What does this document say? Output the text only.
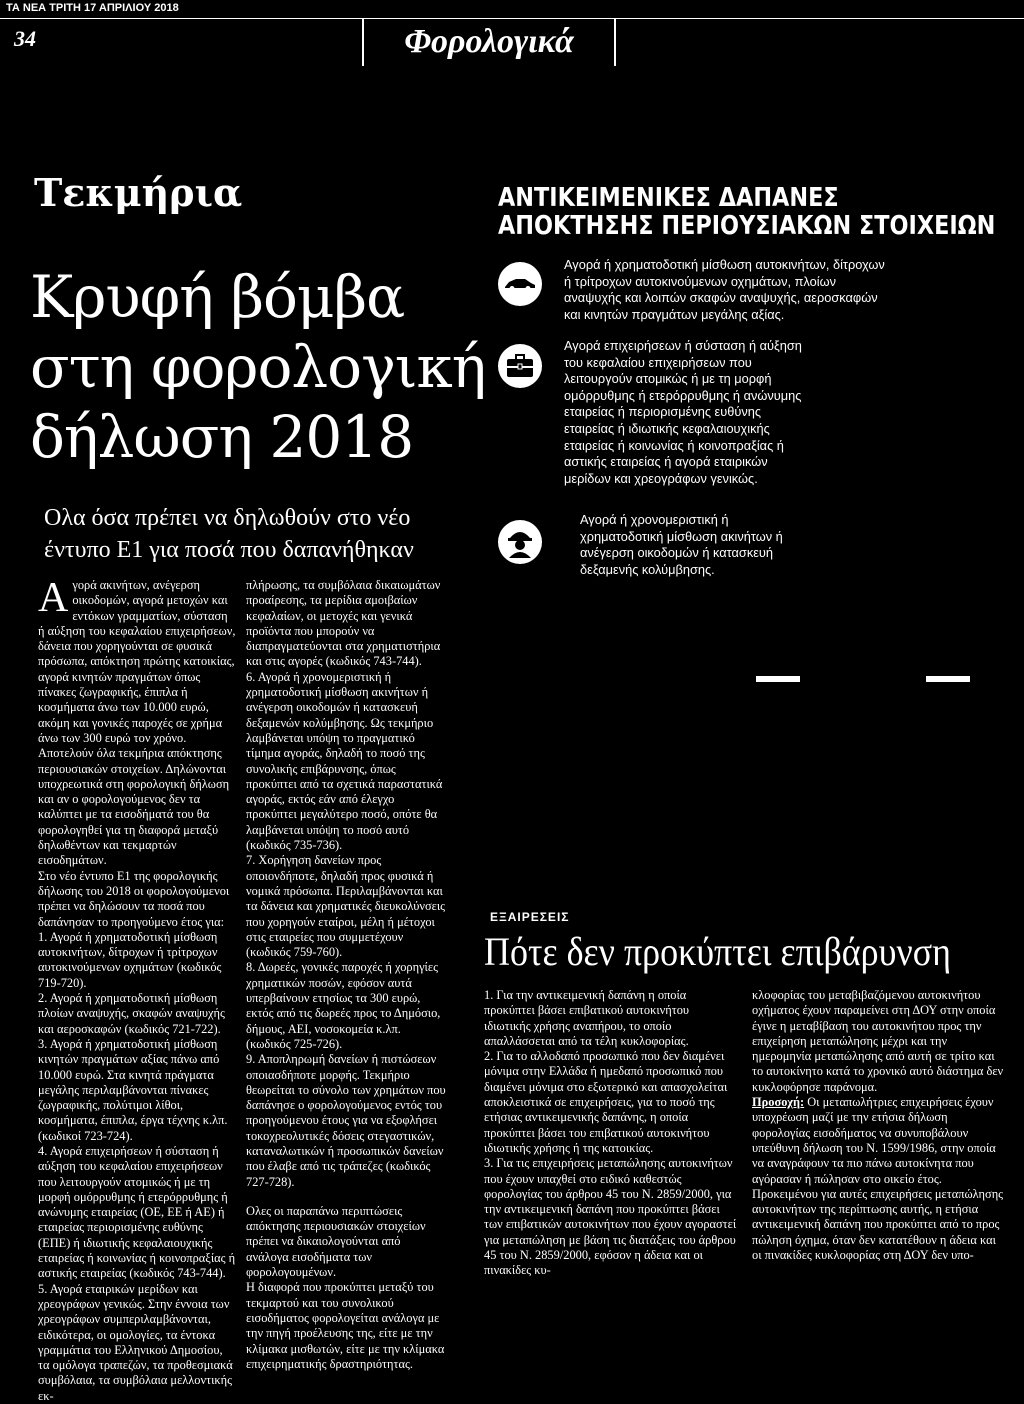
ΤΑ ΝΕΑ ΤΡΙΤΗ 17 ΑΠΡΙΛΙΟΥ 2018
34	Φορολογικά
Τεκμήρια
Κρυφή βόμβα
στη φορολογική
δήλωση 2018
Ολα όσα πρέπει να δηλωθούν στο νέο έντυπο Ε1 για ποσά που δαπανήθηκαν

Αγορά ακινήτων, ανέγερση οικοδομών, αγορά μετοχών και εντόκων γραμματίων, σύσταση ή αύξηση του κεφαλαίου επιχειρήσεων, δάνεια που χορηγούνται σε φυσικά πρόσωπα, απόκτηση πρώτης κατοικίας, αγορά κινητών πραγμάτων όπως πίνακες ζωγραφικής, έπιπλα ή κοσμήματα άνω των 10.000 ευρώ, ακόμη και γονικές παροχές σε χρήμα άνω των 300 ευρώ τον χρόνο. Αποτελούν όλα τεκμήρια απόκτησης περιουσιακών στοιχείων. Δηλώνονται υποχρεωτικά στη φορολογική δήλωση και αν ο φορολογούμενος δεν τα καλύπτει με τα εισοδήματά του θα φορολογηθεί για τη διαφορά μεταξύ δηλωθέντων και τεκμαρτών εισοδημάτων.

Στο νέο έντυπο Ε1 της φορολογικής δήλωσης του 2018 οι φορολογούμενοι πρέπει να δηλώσουν τα ποσά που δαπάνησαν το προηγούμενο έτος για:

1. Αγορά ή χρηματοδοτική μίσθωση αυτοκινήτων, δίτροχων ή τρίτροχων αυτοκινούμενων οχημάτων (κωδικός 719-720).

2. Αγορά ή χρηματοδοτική μίσθωση πλοίων αναψυχής, σκαφών αναψυχής και αεροσκαφών (κωδικός 721-722).

3. Αγορά ή χρηματοδοτική μίσθωση κινητών πραγμάτων αξίας πάνω από 10.000 ευρώ. Στα κινητά πράγματα μεγάλης περιλαμβάνονται πίνακες ζωγραφικής, πολύτιμοι λίθοι, κοσμήματα, έπιπλα, έργα τέχνης κ.λπ. (κωδικοί 723-724).

4. Αγορά επιχειρήσεων ή σύσταση ή αύξηση του κεφαλαίου επιχειρήσεων που λειτουργούν ατομικώς ή με τη μορφή ομόρρυθμης ή ετερόρρυθμης ή ανώνυμης εταιρείας (ΟΕ, ΕΕ ή ΑΕ) ή εταιρείας περιορισμένης ευθύνης (ΕΠΕ) ή ιδιωτικής κεφαλαιουχικής εταιρείας ή κοινωνίας ή κοινοπραξίας ή αστικής εταιρείας (κωδικός 743-744).

5. Αγορά εταιρικών μερίδων και χρεογράφων γενικώς. Στην έννοια των χρεογράφων συμπεριλαμβάνονται, ειδικότερα, οι ομολογίες, τα έντοκα γραμμάτια του Ελληνικού Δημοσίου, τα ομόλογα τραπεζών, τα προθεσμιακά συμβόλαια, τα συμβόλαια μελλοντικής εκ-

πλήρωσης, τα συμβόλαια δικαιωμάτων προαίρεσης, τα μερίδια αμοιβαίων κεφαλαίων, οι μετοχές και γενικά προϊόντα που μπορούν να διαπραγματεύονται στα χρηματιστήρια και στις αγορές (κωδικός 743-744).

6. Αγορά ή χρονομεριστική ή χρηματοδοτική μίσθωση ακινήτων ή ανέγερση οικοδομών ή κατασκευή δεξαμενών κολύμβησης. Ως τεκμήριο λαμβάνεται υπόψη το πραγματικό τίμημα αγοράς, δηλαδή το ποσό της συνολικής επιβάρυνσης, όπως προκύπτει από τα σχετικά παραστατικά αγοράς, εκτός εάν από έλεγχο προκύπτει μεγαλύτερο ποσό, οπότε θα λαμβάνεται υπόψη το ποσό αυτό (κωδικός 735-736).

7. Χορήγηση δανείων προς οποιονδήποτε, δηλαδή προς φυσικά ή νομικά πρόσωπα. Περιλαμβάνονται και τα δάνεια και χρηματικές διευκολύνσεις που χορηγούν εταίροι, μέλη ή μέτοχοι στις εταιρείες που συμμετέχουν (κωδικός 759-760).

8. Δωρεές, γονικές παροχές ή χορηγίες χρηματικών ποσών, εφόσον αυτά υπερβαίνουν ετησίως τα 300 ευρώ, εκτός από τις δωρεές προς το Δημόσιο, δήμους, ΑΕΙ, νοσοκομεία κ.λπ. (κωδικός 725-726).

9. Αποπληρωμή δανείων ή πιστώσεων οποιασδήποτε μορφής. Τεκμήριο θεωρείται το σύνολο των χρημάτων που δαπάνησε ο φορολογούμενος εντός του προηγούμενου έτους για να εξοφλήσει τοκοχρεολυτικές δόσεις στεγαστικών, καταναλωτικών ή προσωπικών δανείων που έλαβε από τις τράπεζες (κωδικός 727-728).

Ολες οι παραπάνω περιπτώσεις απόκτησης περιουσιακών στοιχείων πρέπει να δικαιολογούνται από ανάλογα εισοδήματα των φορολογουμένων.

Η διαφορά που προκύπτει μεταξύ του τεκμαρτού και του συνολικού εισοδήματος φορολογείται ανάλογα με την πηγή προέλευσης της, είτε με την κλίμακα μισθωτών, είτε με την κλίμακα επιχειρηματικής δραστηριότητας.

ΑΝΤΙΚΕΙΜΕΝΙΚΕΣ ΔΑΠΑΝΕΣ
ΑΠΟΚΤΗΣΗΣ ΠΕΡΙΟΥΣΙΑΚΩΝ ΣΤΟΙΧΕΙΩΝ
Αγορά ή χρηματοδοτική μίσθωση αυτοκινήτων, δίτροχων ή τρίτροχων αυτοκινούμενων οχημάτων, πλοίων αναψυχής και λοιπών σκαφών αναψυχής, αεροσκαφών και κινητών πραγμάτων μεγάλης αξίας.
Αγορά επιχειρήσεων ή σύσταση ή αύξηση του κεφαλαίου επιχειρήσεων που λειτουργούν ατομικώς ή με τη μορφή ομόρρυθμης ή ετερόρρυθμης ή ανώνυμης εταιρείας ή περιορισμένης ευθύνης εταιρείας ή ιδιωτικής κεφαλαιουχικής εταιρείας ή κοινωνίας ή κοινοπραξίας ή αστικής εταιρείας ή αγορά εταιρικών μερίδων και χρεογράφων γενικώς.
Αγορά ή χρονομεριστική ή χρηματοδοτική μίσθωση ακινήτων ή ανέγερση οικοδομών ή κατασκευή δεξαμενής κολύμβησης.
ΕΞΑΙΡΕΣΕΙΣ
Πότε δεν προκύπτει επιβάρυνση

1. Για την αντικειμενική δαπάνη η οποία προκύπτει βάσει επιβατικού αυτοκινήτου ιδιωτικής χρήσης αναπήρου, το οποίο απαλλάσσεται από τα τέλη κυκλοφορίας.

2. Για το αλλοδαπό προσωπικό που δεν διαμένει μόνιμα στην Ελλάδα ή ημεδαπό προσωπικό που διαμένει μόνιμα στο εξωτερικό και απασχολείται αποκλειστικά σε επιχειρήσεις, για το ποσό της ετήσιας αντικειμενικής δαπάνης, η οποία προκύπτει βάσει του επιβατικού αυτοκινήτου ιδιωτικής χρήσης ή της κατοικίας.

3. Για τις επιχειρήσεις μεταπώλησης αυτοκινήτων που έχουν υπαχθεί στο ειδικό καθεστώς φορολογίας του άρθρου 45 του Ν. 2859/2000, για την αντικειμενική δαπάνη που προκύπτει βάσει των επιβατικών αυτοκινήτων που έχουν αγοραστεί για μεταπώληση με βάση τις διατάξεις του άρθρου 45 του Ν. 2859/2000, εφόσον η άδεια και οι πινακίδες κυ-

κλοφορίας του μεταβιβαζόμενου αυτοκινήτου οχήματος έχουν παραμείνει στη ΔΟΥ στην οποία έγινε η μεταβίβαση του αυτοκινήτου προς την επιχείρηση μεταπώλησης μέχρι και την ημερομηνία μεταπώλησης από αυτή σε τρίτο και το αυτοκίνητο κατά το χρονικό αυτό διάστημα δεν κυκλοφόρησε παράνομα.

Προσοχή: Οι μεταπωλήτριες επιχειρήσεις έχουν υποχρέωση μαζί με την ετήσια δήλωση φορολογίας εισοδήματος να συνυποβάλουν υπεύθυνη δήλωση του Ν. 1599/1986, στην οποία να αναγράφουν τα πιο πάνω αυτοκίνητα που αγόρασαν ή πώλησαν στο οικείο έτος.

Προκειμένου για αυτές επιχειρήσεις μεταπώλησης αυτοκινήτων της περίπτωσης αυτής, η ετήσια αντικειμενική δαπάνη που προκύπτει από το προς πώληση όχημα, όταν δεν κατατέθουν η άδεια και οι πινακίδες κυκλοφορίας στη ΔΟΥ δεν υπο-
